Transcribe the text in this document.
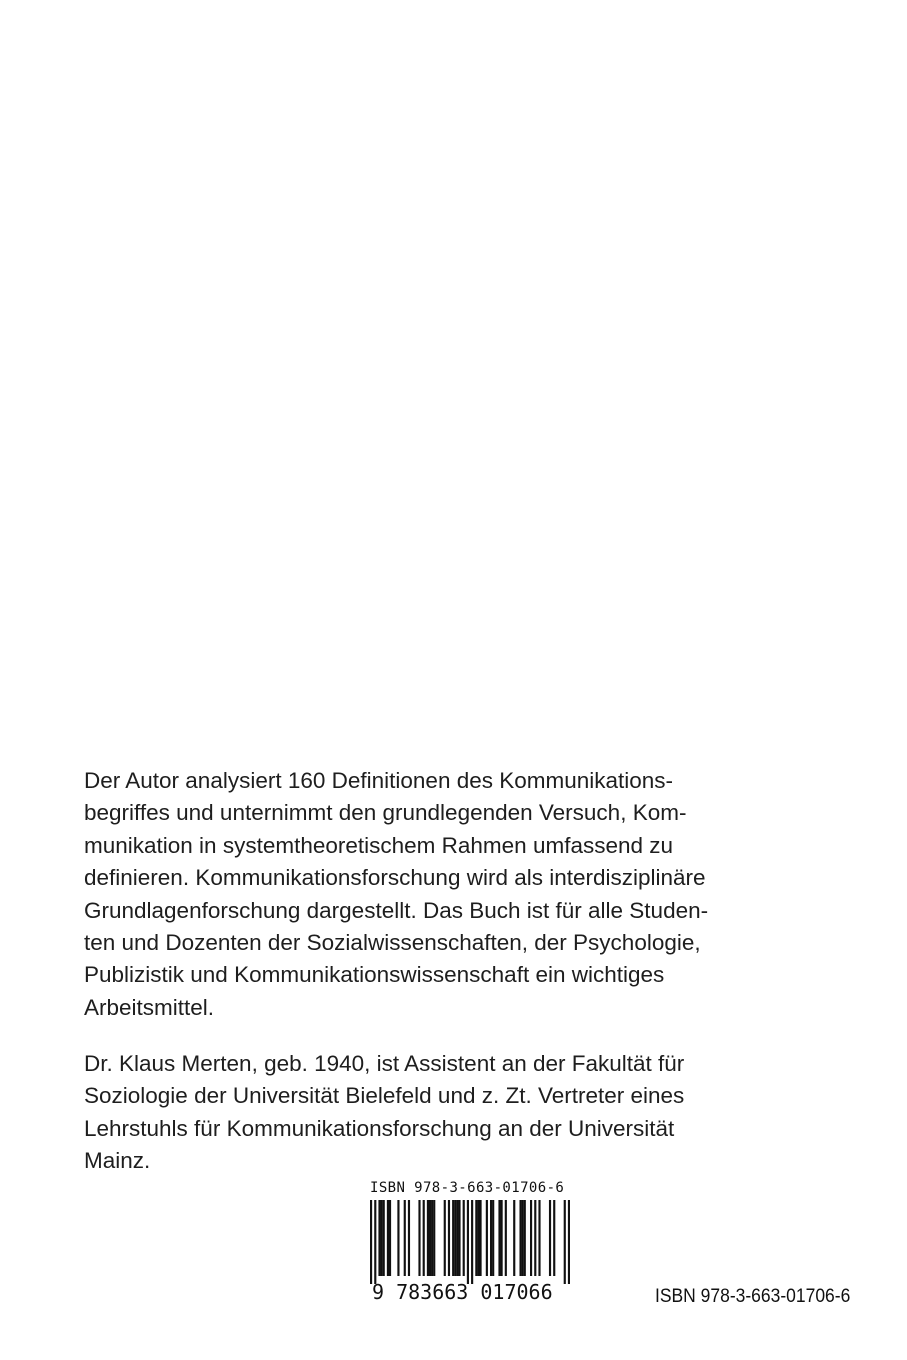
Der Autor analysiert 160 Definitionen des Kommunikations-
begriffes und unternimmt den grundlegenden Versuch, Kom-
munikation in systemtheoretischem Rahmen umfassend zu
definieren. Kommunikationsforschung wird als interdisziplinäre
Grundlagenforschung dargestellt. Das Buch ist für alle Studen-
ten und Dozenten der Sozialwissenschaften, der Psychologie,
Publizistik und Kommunikationswissenschaft ein wichtiges
Arbeitsmittel.

Dr. Klaus Merten, geb. 1940, ist Assistent an der Fakultät für
Soziologie der Universität Bielefeld und z. Zt. Vertreter eines
Lehrstuhls für Kommunikationsforschung an der Universität
Mainz.

ISBN 978-3-663-01706-6
9 783663 017066	ISBN 978-3-663-01706-6
